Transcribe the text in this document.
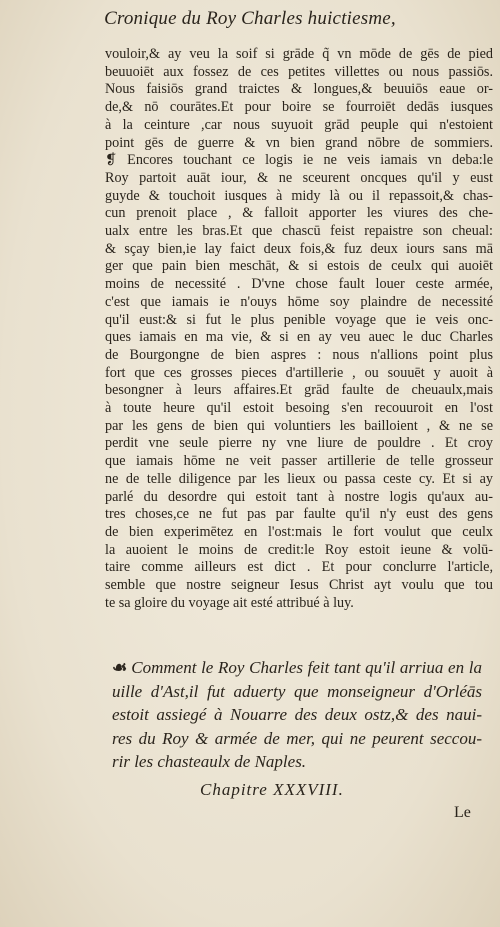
Cronique du Roy Charles huictiesme,
vouloir,& ay veu la soif si grāde q̃ vn mōde de gēs de pied
beuuoiēt aux fossez de ces petites villettes ou nous passiōs.
Nous faisiōs grand traictes & longues,& beuuiōs eaue or-
de,& nō courātes.Et pour boire se fourroiēt dedās iusques
à la ceinture ,car nous suyuoit grād peuple qui n'estoient
point gēs de guerre & vn bien grand nōbre de sommiers.
❡ Encores touchant ce logis ie ne veis iamais vn deba:le
Roy partoit auāt iour, & ne sceurent oncques qu'il y eust
guyde & touchoit iusques à midy là ou il repassoit,& chas-
cun prenoit place , & falloit apporter les viures des che-
ualx entre les bras.Et que chascū feist repaistre son cheual:
& sçay bien,ie lay faict deux fois,& fuz deux iours sans mā
ger que pain bien meschāt, & si estois de ceulx qui auoiēt
moins de necessité . D'vne chose fault louer ceste armée,
c'est que iamais ie n'ouys hōme soy plaindre de necessité
qu'il eust:& si fut le plus penible voyage que ie veis onc-
ques iamais en ma vie, & si en ay veu auec le duc Charles
de Bourgongne de bien aspres : nous n'allions point plus
fort que ces grosses pieces d'artillerie , ou souuēt y auoit à
besongner à leurs affaires.Et grād faulte de cheuaulx,mais
à toute heure qu'il estoit besoing s'en recouuroit en l'ost
par les gens de bien qui voluntiers les bailloient , & ne se
perdit vne seule pierre ny vne liure de pouldre . Et croy
que iamais hōme ne veit passer artillerie de telle grosseur
ne de telle diligence par les lieux ou passa ceste cy. Et si ay
parlé du desordre qui estoit tant à nostre logis qu'aux au-
tres choses,ce ne fut pas par faulte qu'il n'y eust des gens
de bien experimētez en l'ost:mais le fort voulut que ceulx
la auoient le moins de credit:le Roy estoit ieune & volū-
taire comme ailleurs est dict . Et pour conclurre l'article,
semble que nostre seigneur Iesus Christ ayt voulu que tou
te sa gloire du voyage ait esté attribué à luy.
☙ Comment le Roy Charles feit tant qu'il arriua en la
uille d'Ast,il fut aduerty que monseigneur d'Orléās
estoit assiegé à Nouarre des deux ostz,& des naui-
res du Roy & armée de mer, qui ne peurent seccou-
rir les chasteaulx de Naples.
Chapitre XXXVIII.
Le
